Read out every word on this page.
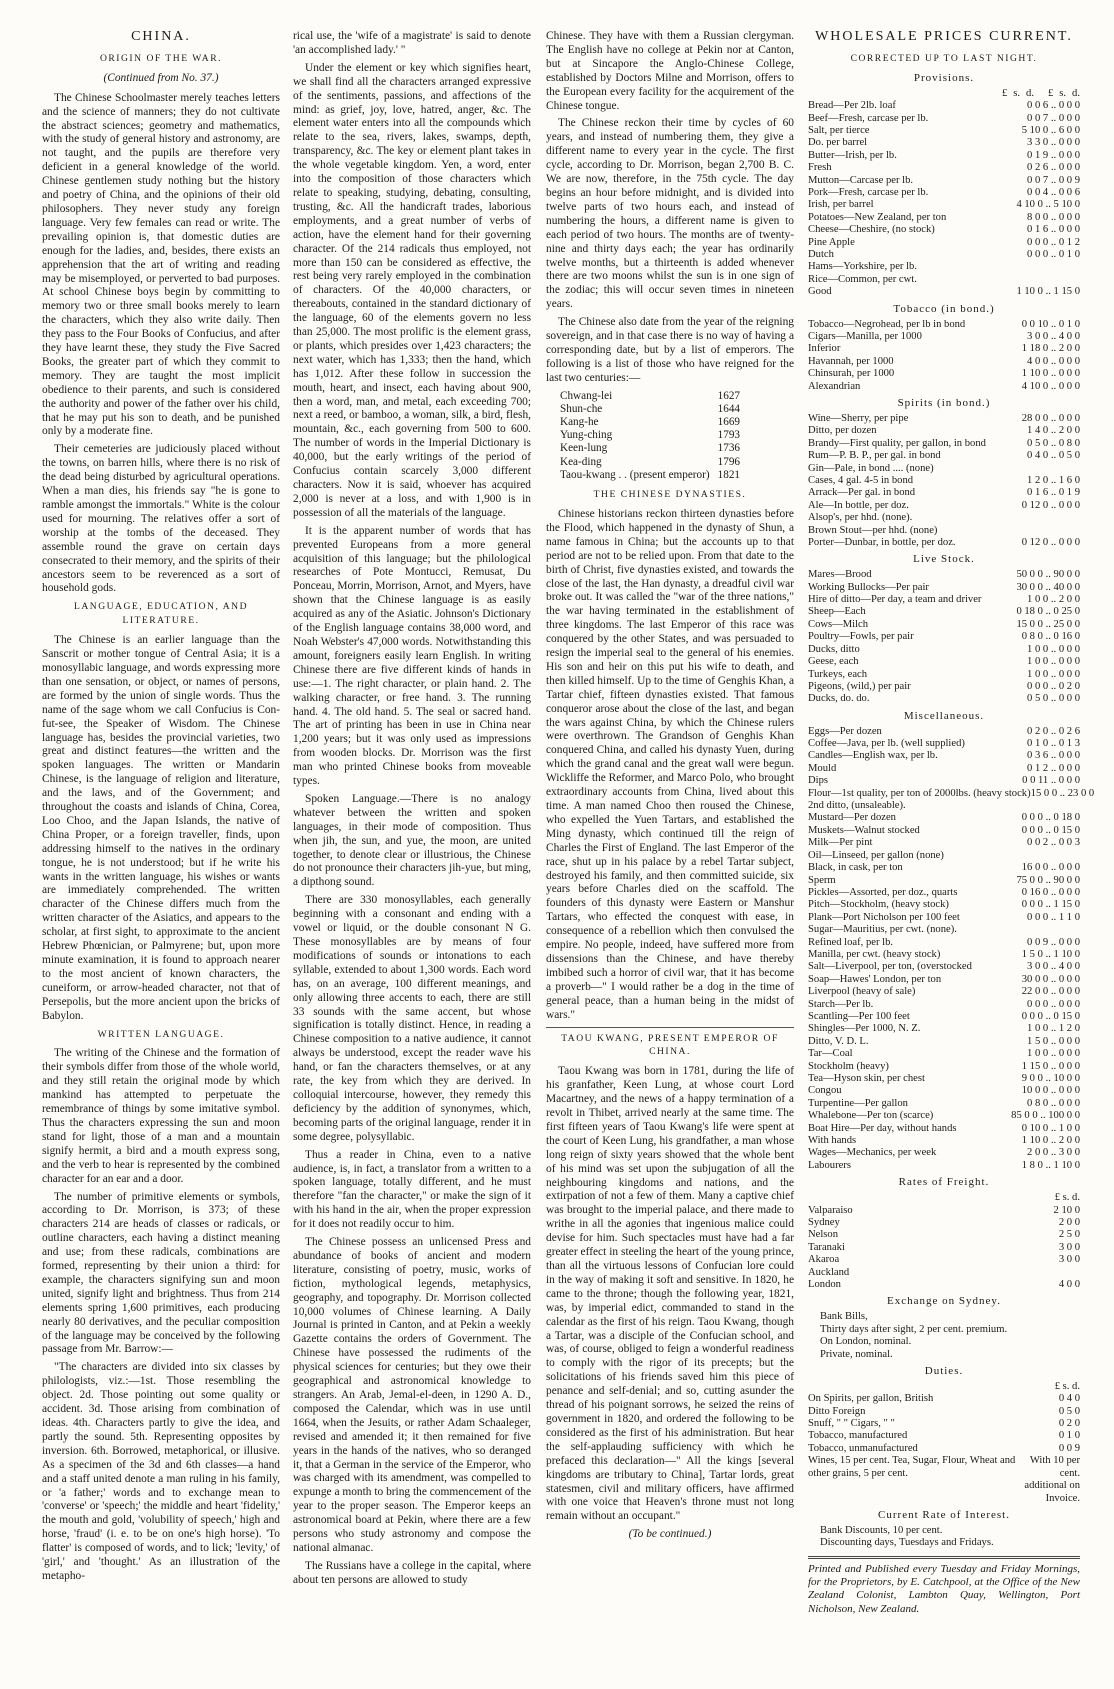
CHINA.
ORIGIN OF THE WAR.
(Continued from No. 37.)

The Chinese Schoolmaster merely teaches letters and the science of manners; they do not cultivate the abstract sciences; geometry and mathematics, with the study of general history and astronomy, are not taught, and the pupils are therefore very deficient in a general knowledge of the world. Chinese gentlemen study nothing but the history and poetry of China, and the opinions of their old philosophers. They never study any foreign language. Very few females can read or write. The prevailing opinion is, that domestic duties are enough for the ladies, and, besides, there exists an apprehension that the art of writing and reading may be misemployed, or perverted to bad purposes. At school Chinese boys begin by committing to memory two or three small books merely to learn the characters, which they also write daily. Then they pass to the Four Books of Confucius, and after they have learnt these, they study the Five Sacred Books, the greater part of which they commit to memory. They are taught the most implicit obedience to their parents, and such is considered the authority and power of the father over his child, that he may put his son to death, and be punished only by a moderate fine.

Their cemeteries are judiciously placed without the towns, on barren hills, where there is no risk of the dead being disturbed by agricultural operations. When a man dies, his friends say "he is gone to ramble amongst the immortals." White is the colour used for mourning. The relatives offer a sort of worship at the tombs of the deceased. They assemble round the grave on certain days consecrated to their memory, and the spirits of their ancestors seem to be reverenced as a sort of household gods.

LANGUAGE, EDUCATION, AND LITERATURE.

The Chinese is an earlier language than the Sanscrit or mother tongue of Central Asia; it is a monosyllabic language, and words expressing more than one sensation, or object, or names of persons, are formed by the union of single words. Thus the name of the sage whom we call Confucius is Con-fut-see, the Speaker of Wisdom. The Chinese language has, besides the provincial varieties, two great and distinct features—the written and the spoken languages. The written or Mandarin Chinese, is the language of religion and literature, and the laws, and of the Government; and throughout the coasts and islands of China, Corea, Loo Choo, and the Japan Islands, the native of China Proper, or a foreign traveller, finds, upon addressing himself to the natives in the ordinary tongue, he is not understood; but if he write his wants in the written language, his wishes or wants are immediately comprehended. The written character of the Chinese differs much from the written character of the Asiatics, and appears to the scholar, at first sight, to approximate to the ancient Hebrew Phœnician, or Palmyrene; but, upon more minute examination, it is found to approach nearer to the most ancient of known characters, the cuneiform, or arrow-headed character, not that of Persepolis, but the more ancient upon the bricks of Babylon.

WRITTEN LANGUAGE.

The writing of the Chinese and the formation of their symbols differ from those of the whole world, and they still retain the original mode by which mankind has attempted to perpetuate the remembrance of things by some imitative symbol. Thus the characters expressing the sun and moon stand for light, those of a man and a mountain signify hermit, a bird and a mouth express song, and the verb to hear is represented by the combined character for an ear and a door.

The number of primitive elements or symbols, according to Dr. Morrison, is 373; of these characters 214 are heads of classes or radicals, or outline characters, each having a distinct meaning and use; from these radicals, combinations are formed, representing by their union a third: for example, the characters signifying sun and moon united, signify light and brightness. Thus from 214 elements spring 1,600 primitives, each producing nearly 80 derivatives, and the peculiar composition of the language may be conceived by the following passage from Mr. Barrow:—

"The characters are divided into six classes by philologists, viz.:—1st. Those resembling the object. 2d. Those pointing out some quality or accident. 3d. Those arising from combination of ideas. 4th. Characters partly to give the idea, and partly the sound. 5th. Representing opposites by inversion. 6th. Borrowed, metaphorical, or illusive. As a specimen of the 3d and 6th classes—a hand and a staff united denote a man ruling in his family, or 'a father;' words and to exchange mean to 'converse' or 'speech;' the middle and heart 'fidelity,' the mouth and gold, 'volubility of speech,' high and horse, 'fraud' (i. e. to be on one's high horse). 'To flatter' is composed of words, and to lick; 'levity,' of 'girl,' and 'thought.' As an illustration of the metapho-

rical use, the 'wife of a magistrate' is said to denote 'an accomplished lady.' "

Under the element or key which signifies heart, we shall find all the characters arranged expressive of the sentiments, passions, and affections of the mind: as grief, joy, love, hatred, anger, &c. The element water enters into all the compounds which relate to the sea, rivers, lakes, swamps, depth, transparency, &c. The key or element plant takes in the whole vegetable kingdom. Yen, a word, enter into the composition of those characters which relate to speaking, studying, debating, consulting, trusting, &c. All the handicraft trades, laborious employments, and a great number of verbs of action, have the element hand for their governing character. Of the 214 radicals thus employed, not more than 150 can be considered as effective, the rest being very rarely employed in the combination of characters. Of the 40,000 characters, or thereabouts, contained in the standard dictionary of the language, 60 of the elements govern no less than 25,000. The most prolific is the element grass, or plants, which presides over 1,423 characters; the next water, which has 1,333; then the hand, which has 1,012. After these follow in succession the mouth, heart, and insect, each having about 900, then a word, man, and metal, each exceeding 700; next a reed, or bamboo, a woman, silk, a bird, flesh, mountain, &c., each governing from 500 to 600. The number of words in the Imperial Dictionary is 40,000, but the early writings of the period of Confucius contain scarcely 3,000 different characters. Now it is said, whoever has acquired 2,000 is never at a loss, and with 1,900 is in possession of all the materials of the language.

It is the apparent number of words that has prevented Europeans from a more general acquisition of this language; but the philological researches of Pote Montucci, Remusat, Du Ponceau, Morrin, Morrison, Arnot, and Myers, have shown that the Chinese language is as easily acquired as any of the Asiatic. Johnson's Dictionary of the English language contains 38,000 word, and Noah Webster's 47,000 words. Notwithstanding this amount, foreigners easily learn English. In writing Chinese there are five different kinds of hands in use:—1. The right character, or plain hand. 2. The walking character, or free hand. 3. The running hand. 4. The old hand. 5. The seal or sacred hand. The art of printing has been in use in China near 1,200 years; but it was only used as impressions from wooden blocks. Dr. Morrison was the first man who printed Chinese books from moveable types.

Spoken Language.—There is no analogy whatever between the written and spoken languages, in their mode of composition. Thus when jih, the sun, and yue, the moon, are united together, to denote clear or illustrious, the Chinese do not pronounce their characters jih-yue, but ming, a dipthong sound.

There are 330 monosyllables, each generally beginning with a consonant and ending with a vowel or liquid, or the double consonant N G. These monosyllables are by means of four modifications of sounds or intonations to each syllable, extended to about 1,300 words. Each word has, on an average, 100 different meanings, and only allowing three accents to each, there are still 33 sounds with the same accent, but whose signification is totally distinct. Hence, in reading a Chinese composition to a native audience, it cannot always be understood, except the reader wave his hand, or fan the characters themselves, or at any rate, the key from which they are derived. In colloquial intercourse, however, they remedy this deficiency by the addition of synonymes, which, becoming parts of the original language, render it in some degree, polysyllabic.

Thus a reader in China, even to a native audience, is, in fact, a translator from a written to a spoken language, totally different, and he must therefore "fan the character," or make the sign of it with his hand in the air, when the proper expression for it does not readily occur to him.

The Chinese possess an unlicensed Press and abundance of books of ancient and modern literature, consisting of poetry, music, works of fiction, mythological legends, metaphysics, geography, and topography. Dr. Morrison collected 10,000 volumes of Chinese learning. A Daily Journal is printed in Canton, and at Pekin a weekly Gazette contains the orders of Government. The Chinese have possessed the rudiments of the physical sciences for centuries; but they owe their geographical and astronomical knowledge to strangers. An Arab, Jemal-el-deen, in 1290 A. D., composed the Calendar, which was in use until 1664, when the Jesuits, or rather Adam Schaaleger, revised and amended it; it then remained for five years in the hands of the natives, who so deranged it, that a German in the service of the Emperor, who was charged with its amendment, was compelled to expunge a month to bring the commencement of the year to the proper season. The Emperor keeps an astronomical board at Pekin, where there are a few persons who study astronomy and compose the national almanac.

The Russians have a college in the capital, where about ten persons are allowed to study

Chinese. They have with them a Russian clergyman. The English have no college at Pekin nor at Canton, but at Sincapore the Anglo-Chinese College, established by Doctors Milne and Morrison, offers to the European every facility for the acquirement of the Chinese tongue.

The Chinese reckon their time by cycles of 60 years, and instead of numbering them, they give a different name to every year in the cycle. The first cycle, according to Dr. Morrison, began 2,700 B. C. We are now, therefore, in the 75th cycle. The day begins an hour before midnight, and is divided into twelve parts of two hours each, and instead of numbering the hours, a different name is given to each period of two hours. The months are of twenty-nine and thirty days each; the year has ordinarily twelve months, but a thirteenth is added whenever there are two moons whilst the sun is in one sign of the zodiac; this will occur seven times in nineteen years.

The Chinese also date from the year of the reigning sovereign, and in that case there is no way of having a corresponding date, but by a list of emperors. The following is a list of those who have reigned for the last two centuries:—

Chwang-lei	1627
Shun-che	1644
Kang-he	1669
Yung-ching	1793
Keen-lung	1736
Kea-ding	1796
Taou-kwang . . (present emperor)	1821
THE CHINESE DYNASTIES.

Chinese historians reckon thirteen dynasties before the Flood, which happened in the dynasty of Shun, a name famous in China; but the accounts up to that period are not to be relied upon. From that date to the birth of Christ, five dynasties existed, and towards the close of the last, the Han dynasty, a dreadful civil war broke out. It was called the "war of the three nations," the war having terminated in the establishment of three kingdoms. The last Emperor of this race was conquered by the other States, and was persuaded to resign the imperial seal to the general of his enemies. His son and heir on this put his wife to death, and then killed himself. Up to the time of Genghis Khan, a Tartar chief, fifteen dynasties existed. That famous conqueror arose about the close of the last, and began the wars against China, by which the Chinese rulers were overthrown. The Grandson of Genghis Khan conquered China, and called his dynasty Yuen, during which the grand canal and the great wall were begun. Wickliffe the Reformer, and Marco Polo, who brought extraordinary accounts from China, lived about this time. A man named Choo then roused the Chinese, who expelled the Yuen Tartars, and established the Ming dynasty, which continued till the reign of Charles the First of England. The last Emperor of the race, shut up in his palace by a rebel Tartar subject, destroyed his family, and then committed suicide, six years before Charles died on the scaffold. The founders of this dynasty were Eastern or Manshur Tartars, who effected the conquest with ease, in consequence of a rebellion which then convulsed the empire. No people, indeed, have suffered more from dissensions than the Chinese, and have thereby imbibed such a horror of civil war, that it has become a proverb—" I would rather be a dog in the time of general peace, than a human being in the midst of wars."

TAOU KWANG, PRESENT EMPEROR OF CHINA.

Taou Kwang was born in 1781, during the life of his granfather, Keen Lung, at whose court Lord Macartney, and the news of a happy termination of a revolt in Thibet, arrived nearly at the same time. The first fifteen years of Taou Kwang's life were spent at the court of Keen Lung, his grandfather, a man whose long reign of sixty years showed that the whole bent of his mind was set upon the subjugation of all the neighbouring kingdoms and nations, and the extirpation of not a few of them. Many a captive chief was brought to the imperial palace, and there made to writhe in all the agonies that ingenious malice could devise for him. Such spectacles must have had a far greater effect in steeling the heart of the young prince, than all the virtuous lessons of Confucian lore could in the way of making it soft and sensitive. In 1820, he came to the throne; though the following year, 1821, was, by imperial edict, commanded to stand in the calendar as the first of his reign. Taou Kwang, though a Tartar, was a disciple of the Confucian school, and was, of course, obliged to feign a wonderful readiness to comply with the rigor of its precepts; but the solicitations of his friends saved him this piece of penance and self-denial; and so, cutting asunder the thread of his poignant sorrows, he seized the reins of government in 1820, and ordered the following to be considered as the first of his administration. But hear the self-applauding sufficiency with which he prefaced this declaration—" All the kings [several kingdoms are tributary to China], Tartar lords, great statesmen, civil and military officers, have affirmed with one voice that Heaven's throne must not long remain without an occupant."

(To be continued.)
WHOLESALE PRICES CURRENT.
CORRECTED UP TO LAST NIGHT.
Provisions.
£ s. d. £ s. d.
Bread—Per 2lb. loaf	0 0 6 .. 0 0 0
Beef—Fresh, carcase per lb.	0 0 7 .. 0 0 0
Salt, per tierce	5 10 0 .. 6 0 0
Do. per barrel	3 3 0 .. 0 0 0
Butter—Irish, per lb.	0 1 9 .. 0 0 0
Fresh	0 2 6 .. 0 0 0
Mutton—Carcase per lb.	0 0 7 .. 0 0 9
Pork—Fresh, carcase per lb.	0 0 4 .. 0 0 6
Irish, per barrel	4 10 0 .. 5 10 0
Potatoes—New Zealand, per ton	8 0 0 .. 0 0 0
Cheese—Cheshire, (no stock)	0 1 6 .. 0 0 0
Pine Apple	0 0 0 .. 0 1 2
Dutch	0 0 0 .. 0 1 0
Hams—Yorkshire, per lb.
Rice—Common, per cwt.
Good	1 10 0 .. 1 15 0
Tobacco (in bond.)
Tobacco—Negrohead, per lb in bond	0 0 10 .. 0 1 0
Cigars—Manilla, per 1000	3 0 0 .. 4 0 0
Inferior	1 18 0 .. 2 0 0
Havannah, per 1000	4 0 0 .. 0 0 0
Chinsurah, per 1000	1 10 0 .. 0 0 0
Alexandrian	4 10 0 .. 0 0 0
Spirits (in bond.)
Wine—Sherry, per pipe	28 0 0 .. 0 0 0
Ditto, per dozen	1 4 0 .. 2 0 0
Brandy—First quality, per gallon, in bond	0 5 0 .. 0 8 0
Rum—P. B. P., per gal. in bond	0 4 0 .. 0 5 0
Gin—Pale, in bond .... (none)
Cases, 4 gal. 4-5 in bond	1 2 0 .. 1 6 0
Arrack—Per gal. in bond	0 1 6 .. 0 1 9
Ale—In bottle, per doz.	0 12 0 .. 0 0 0
Alsop's, per hhd. (none).
Brown Stout—per hhd. (none)
Porter—Dunbar, in bottle, per doz.	0 12 0 .. 0 0 0
Live Stock.
Mares—Brood	50 0 0 .. 90 0 0
Working Bullocks—Per pair	30 0 0 .. 40 0 0
Hire of ditto—Per day, a team and driver	1 0 0 .. 2 0 0
Sheep—Each	0 18 0 .. 0 25 0
Cows—Milch	15 0 0 .. 25 0 0
Poultry—Fowls, per pair	0 8 0 .. 0 16 0
Ducks, ditto	1 0 0 .. 0 0 0
Geese, each	1 0 0 .. 0 0 0
Turkeys, each	1 0 0 .. 0 0 0
Pigeons, (wild,) per pair	0 0 0 .. 0 2 0
Ducks, do. do.	0 5 0 .. 0 0 0
Miscellaneous.
Eggs—Per dozen	0 2 0 .. 0 2 6
Coffee—Java, per lb. (well supplied)	0 1 0 .. 0 1 3
Candles—English wax, per lb.	0 3 6 .. 0 0 0
Mould	0 1 2 .. 0 0 0
Dips	0 0 11 .. 0 0 0
Flour—1st quality, per ton of 2000lbs. (heavy stock) 15 0 0 .. 23 0 0
2nd ditto, (unsaleable).
Mustard—Per dozen	0 0 0 .. 0 18 0
Muskets—Walnut stocked	0 0 0 .. 0 15 0
Milk—Per pint	0 0 2 .. 0 0 3
Oil—Linseed, per gallon (none)
Black, in cask, per ton	16 0 0 .. 0 0 0
Sperm	75 0 0 .. 90 0 0
Pickles—Assorted, per doz., quarts	0 16 0 .. 0 0 0
Pitch—Stockholm, (heavy stock)	0 0 0 .. 1 15 0
Plank—Port Nicholson per 100 feet	0 0 0 .. 1 1 0
Sugar—Mauritius, per cwt. (none).
Refined loaf, per lb.	0 0 9 .. 0 0 0
Manilla, per cwt. (heavy stock)	1 5 0 .. 1 10 0
Salt—Liverpool, per ton, (overstocked	3 0 0 .. 4 0 0
Soap—Hawes' London, per ton	30 0 0 .. 0 0 0
Liverpool (heavy of sale)	22 0 0 .. 0 0 0
Starch—Per lb.	0 0 0 .. 0 0 0
Scantling—Per 100 feet	0 0 0 .. 0 15 0
Shingles—Per 1000, N. Z.	1 0 0 .. 1 2 0
Ditto, V. D. L.	1 5 0 .. 0 0 0
Tar—Coal	1 0 0 .. 0 0 0
Stockholm (heavy)	1 15 0 .. 0 0 0
Tea—Hyson skin, per chest	9 0 0 .. 10 0 0
Congou	10 0 0 .. 0 0 0
Turpentine—Per gallon	0 8 0 .. 0 0 0
Whalebone—Per ton (scarce)	85 0 0 .. 100 0 0
Boat Hire—Per day, without hands	0 10 0 .. 1 0 0
With hands	1 10 0 .. 2 0 0
Wages—Mechanics, per week	2 0 0 .. 3 0 0
Labourers	1 8 0 .. 1 10 0
Rates of Freight.
£ s. d.
Valparaiso	2 10 0
Sydney	2 0 0
Nelson	2 5 0
Taranaki	3 0 0
Akaroa	3 0 0
Auckland
London	4 0 0
Exchange on Sydney.

Bank Bills,

Thirty days after sight, 2 per cent. premium.

On London, nominal.

Private, nominal.

Duties.
£ s. d.
On Spirits, per gallon, British	0 4 0
Ditto Foreign	0 5 0
Snuff, " " Cigars, " "	0 2 0
Tobacco, manufactured	0 1 0
Tobacco, unmanufactured	0 0 9
Wines, 15 per cent. Tea, Sugar, Flour, Wheat and other grains, 5 per cent.
With 10 per cent. additional on Invoice.
Current Rate of Interest.

Bank Discounts, 10 per cent.

Discounting days, Tuesdays and Fridays.

Printed and Published every Tuesday and Friday Mornings, for the Proprietors, by E. Catchpool, at the Office of the New Zealand Colonist, Lambton Quay, Wellington, Port Nicholson, New Zealand.
